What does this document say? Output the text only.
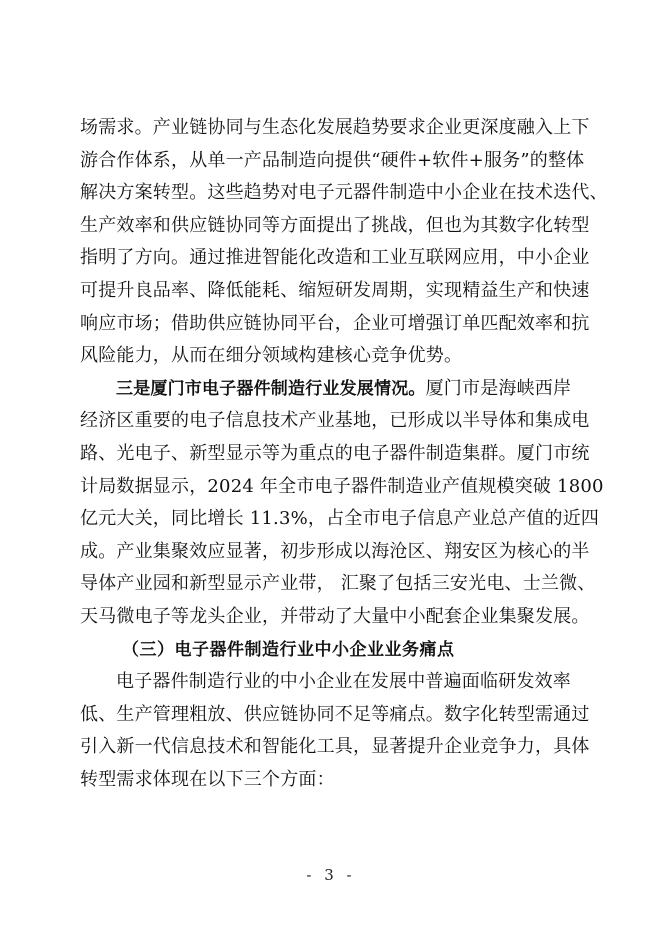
场需求。产业链协同与生态化发展趋势要求企业更深度融入上下
游合作体系，从单一产品制造向提供“硬件+软件+服务”的整体
解决方案转型。这些趋势对电子元器件制造中小企业在技术迭代、
生产效率和供应链协同等方面提出了挑战，但也为其数字化转型
指明了方向。通过推进智能化改造和工业互联网应用，中小企业
可提升良品率、降低能耗、缩短研发周期，实现精益生产和快速
响应市场；借助供应链协同平台，企业可增强订单匹配效率和抗
风险能力，从而在细分领域构建核心竞争优势。
三是厦门市电子器件制造行业发展情况。厦门市是海峡西岸
经济区重要的电子信息技术产业基地，已形成以半导体和集成电
路、光电子、新型显示等为重点的电子器件制造集群。厦门市统
计局数据显示，2024 年全市电子器件制造业产值规模突破 1800
亿元大关，同比增长 11.3%，占全市电子信息产业总产值的近四
成。产业集聚效应显著，初步形成以海沧区、翔安区为核心的半
导体产业园和新型显示产业带， 汇聚了包括三安光电、士兰微、
天马微电子等龙头企业，并带动了大量中小配套企业集聚发展。
（三）电子器件制造行业中小企业业务痛点
电子器件制造行业的中小企业在发展中普遍面临研发效率
低、生产管理粗放、供应链协同不足等痛点。数字化转型需通过
引入新一代信息技术和智能化工具，显著提升企业竞争力，具体
转型需求体现在以下三个方面：
- 3 -
